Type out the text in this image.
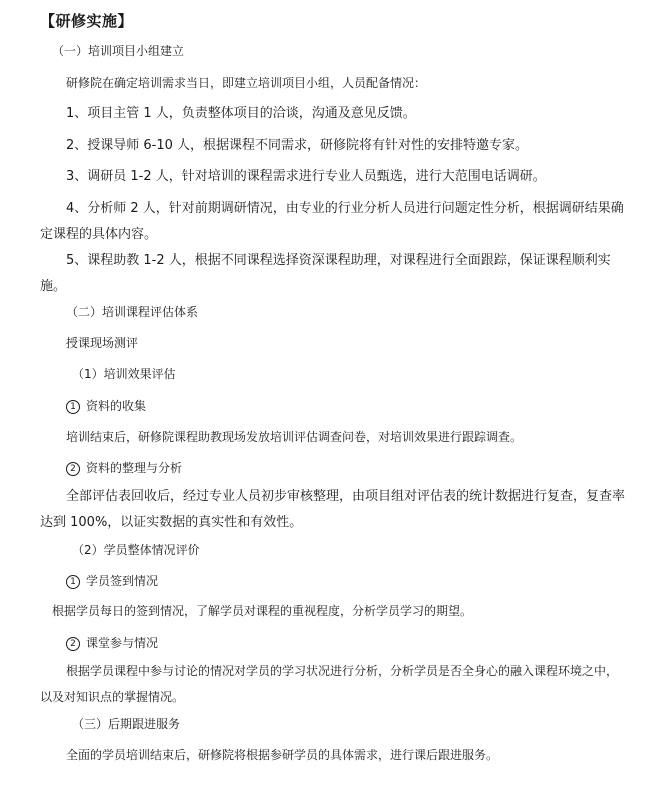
【研修实施】
（一）培训项目小组建立
研修院在确定培训需求当日，即建立培训项目小组，人员配备情况：
1、项目主管 1 人，负责整体项目的洽谈，沟通及意见反馈。
2、授课导师 6-10 人，根据课程不同需求，研修院将有针对性的安排特邀专家。
3、调研员 1-2 人，针对培训的课程需求进行专业人员甄选，进行大范围电话调研。
4、分析师 2 人，针对前期调研情况，由专业的行业分析人员进行问题定性分析，根据调研结果确定课程的具体内容。
5、课程助教 1-2 人，根据不同课程选择资深课程助理，对课程进行全面跟踪，保证课程顺利实施。
（二）培训课程评估体系
授课现场测评
（1）培训效果评估
1 资料的收集
培训结束后，研修院课程助教现场发放培训评估调查问卷，对培训效果进行跟踪调查。
2 资料的整理与分析
全部评估表回收后，经过专业人员初步审核整理，由项目组对评估表的统计数据进行复查，复查率达到 100%，以证实数据的真实性和有效性。
（2）学员整体情况评价
1 学员签到情况
根据学员每日的签到情况，了解学员对课程的重视程度，分析学员学习的期望。
2 课堂参与情况
根据学员课程中参与讨论的情况对学员的学习状况进行分析，分析学员是否全身心的融入课程环境之中，以及对知识点的掌握情况。
（三）后期跟进服务
全面的学员培训结束后，研修院将根据参研学员的具体需求，进行课后跟进服务。
